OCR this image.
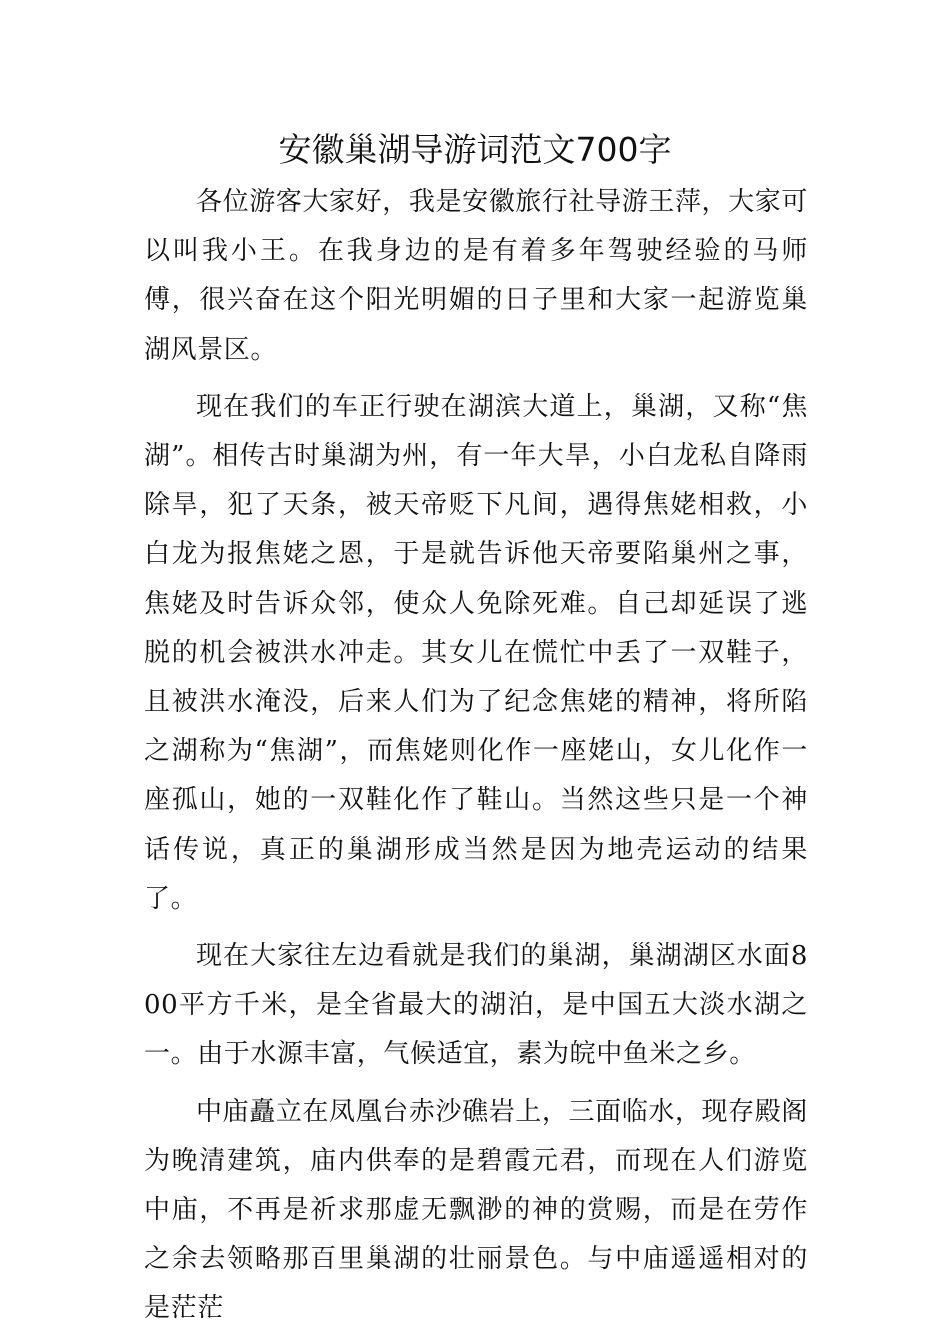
安徽巢湖导游词范文700字

各位游客大家好，我是安徽旅行社导游王萍，大家可以叫我小王。在我身边的是有着多年驾驶经验的马师傅，很兴奋在这个阳光明媚的日子里和大家一起游览巢湖风景区。

现在我们的车正行驶在湖滨大道上，巢湖，又称“焦湖”。相传古时巢湖为州，有一年大旱，小白龙私自降雨除旱，犯了天条，被天帝贬下凡间，遇得焦姥相救，小白龙为报焦姥之恩，于是就告诉他天帝要陷巢州之事，焦姥及时告诉众邻，使众人免除死难。自己却延误了逃脱的机会被洪水冲走。其女儿在慌忙中丢了一双鞋子，且被洪水淹没，后来人们为了纪念焦姥的精神，将所陷之湖称为“焦湖”，而焦姥则化作一座姥山，女儿化作一座孤山，她的一双鞋化作了鞋山。当然这些只是一个神话传说，真正的巢湖形成当然是因为地壳运动的结果了。

现在大家往左边看就是我们的巢湖，巢湖湖区水面800平方千米，是全省最大的湖泊，是中国五大淡水湖之一。由于水源丰富，气候适宜，素为皖中鱼米之乡。

中庙矗立在凤凰台赤沙礁岩上，三面临水，现存殿阁为晚清建筑，庙内供奉的是碧霞元君，而现在人们游览中庙，不再是祈求那虚无飘渺的神的赏赐，而是在劳作之余去领略那百里巢湖的壮丽景色。与中庙遥遥相对的是茫茫
